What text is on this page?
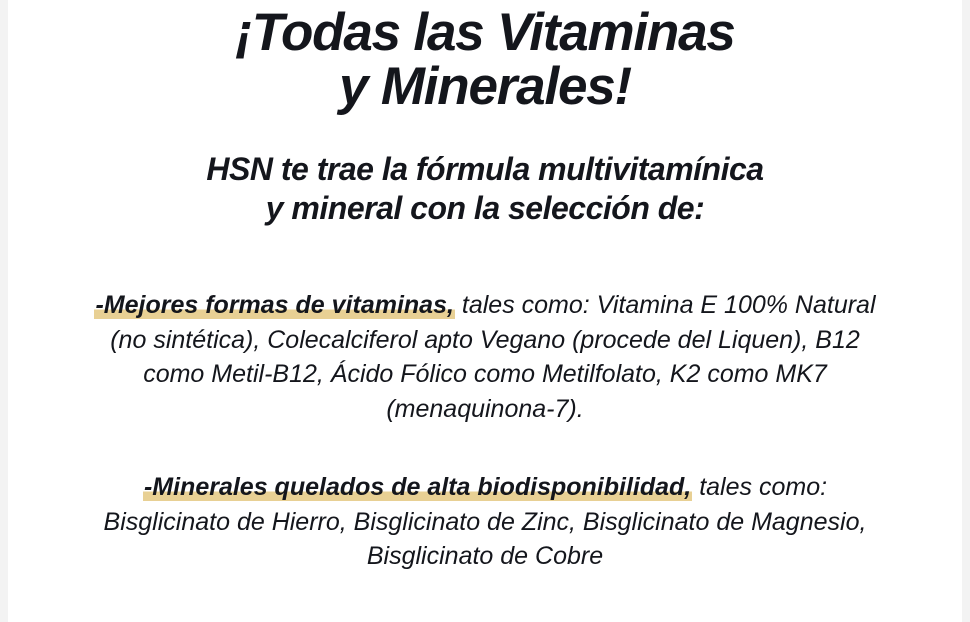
¡Todas las Vitaminas
y Minerales!
HSN te trae la fórmula multivitamínica
y mineral con la selección de:

-Mejores formas de vitaminas, tales como: Vitamina E 100% Natural (no sintética), Colecalciferol apto Vegano (procede del Liquen), B12 como Metil-B12, Ácido Fólico como Metilfolato, K2 como MK7 (menaquinona-7).

-Minerales quelados de alta biodisponibilidad, tales como: Bisglicinato de Hierro, Bisglicinato de Zinc, Bisglicinato de Magnesio, Bisglicinato de Cobre
